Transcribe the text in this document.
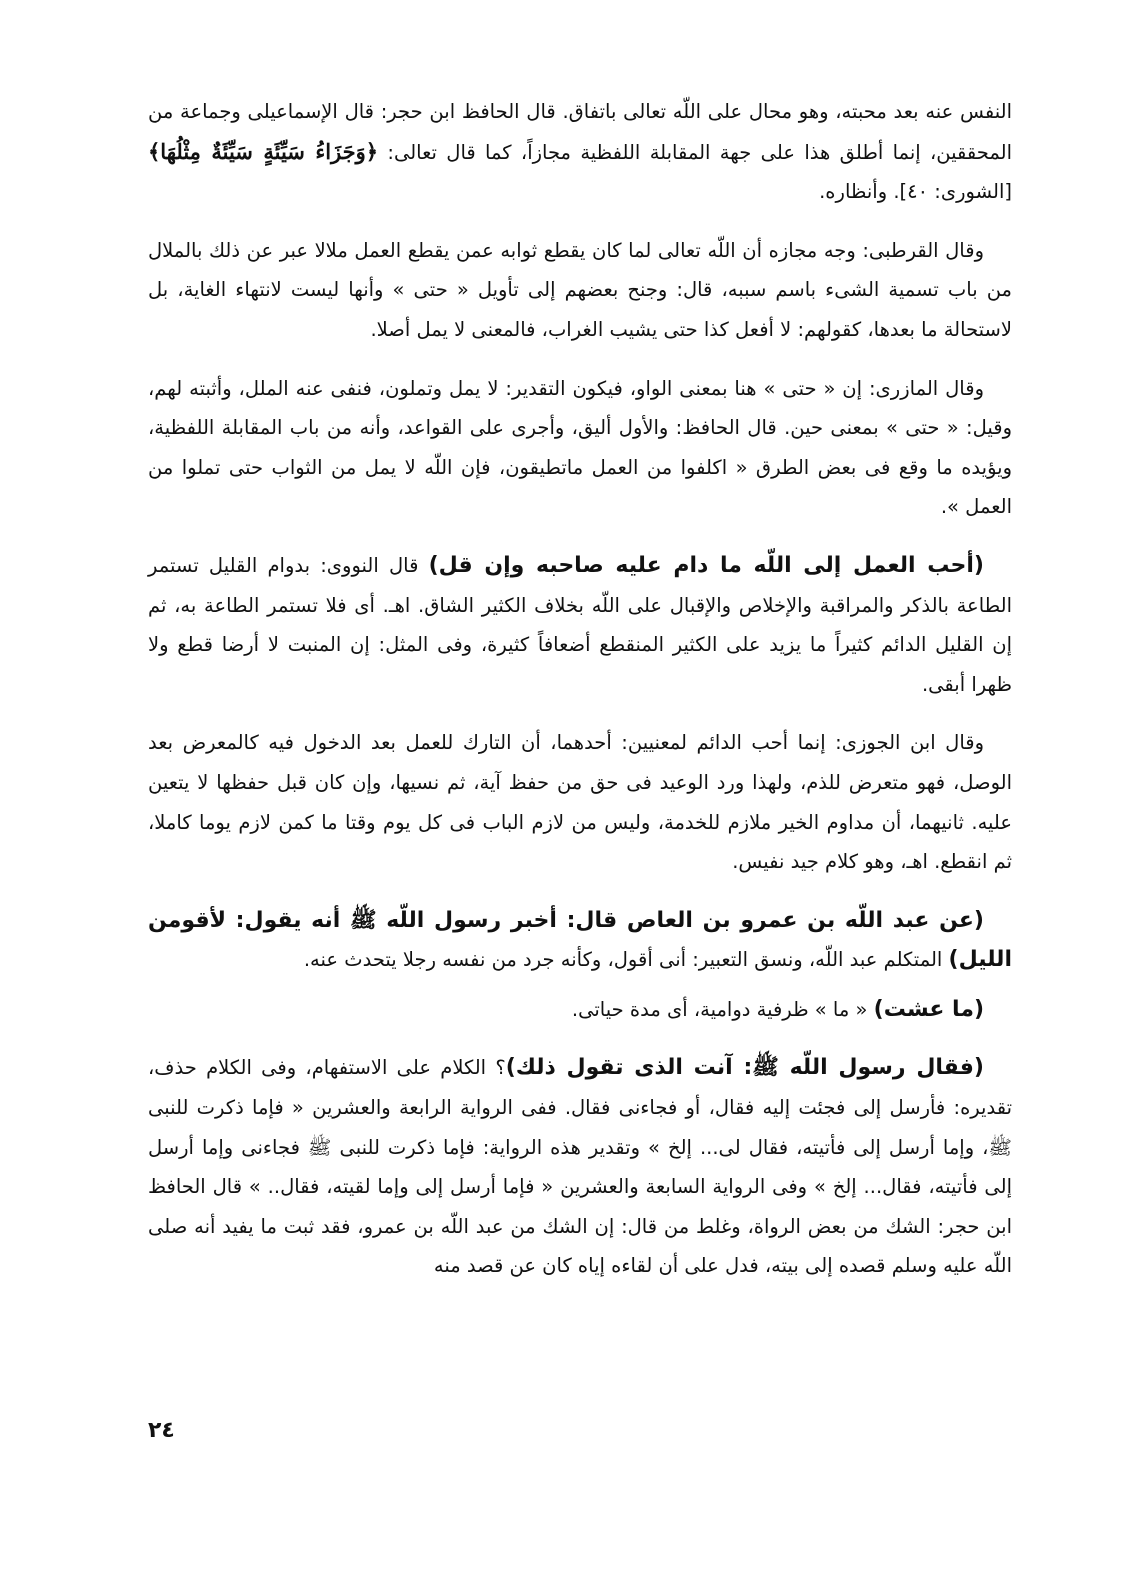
النفس عنه بعد محبته، وهو محال على اللّه تعالى باتفاق. قال الحافظ ابن حجر: قال الإسماعيلى وجماعة من المحققين، إنما أطلق هذا على جهة المقابلة اللفظية مجازاً، كما قال تعالى: ﴿وَجَزَاءُ سَيِّئَةٍ سَيِّئَةٌ مِثْلُهَا﴾[الشورى: ٤٠]. وأنظاره.

وقال القرطبى: وجه مجازه أن اللّه تعالى لما كان يقطع ثوابه عمن يقطع العمل ملالا عبر عن ذلك بالملال من باب تسمية الشىء باسم سببه، قال: وجنح بعضهم إلى تأويل « حتى » وأنها ليست لانتهاء الغاية، بل لاستحالة ما بعدها، كقولهم: لا أفعل كذا حتى يشيب الغراب، فالمعنى لا يمل أصلا.

وقال المازرى: إن « حتى » هنا بمعنى الواو، فيكون التقدير: لا يمل وتملون، فنفى عنه الملل، وأثبته لهم، وقيل: « حتى » بمعنى حين. قال الحافظ: والأول أليق، وأجرى على القواعد، وأنه من باب المقابلة اللفظية، ويؤيده ما وقع فى بعض الطرق « اكلفوا من العمل ماتطيقون، فإن اللّه لا يمل من الثواب حتى تملوا من العمل ».

(أحب العمل إلى اللّه ما دام عليه صاحبه وإن قل) قال النووى: بدوام القليل تستمر الطاعة بالذكر والمراقبة والإخلاص والإقبال على اللّه بخلاف الكثير الشاق. اهـ. أى فلا تستمر الطاعة به، ثم إن القليل الدائم كثيراً ما يزيد على الكثير المنقطع أضعافاً كثيرة، وفى المثل: إن المنبت لا أرضا قطع ولا ظهرا أبقى.

وقال ابن الجوزى: إنما أحب الدائم لمعنيين: أحدهما، أن التارك للعمل بعد الدخول فيه كالمعرض بعد الوصل، فهو متعرض للذم، ولهذا ورد الوعيد فى حق من حفظ آية، ثم نسيها، وإن كان قبل حفظها لا يتعين عليه. ثانيهما، أن مداوم الخير ملازم للخدمة، وليس من لازم الباب فى كل يوم وقتا ما كمن لازم يوما كاملا، ثم انقطع. اهـ، وهو كلام جيد نفيس.

(عن عبد اللّه بن عمرو بن العاص قال: أخبر رسول اللّه ﷺ أنه يقول: لأقومن الليل) المتكلم عبد اللّه، ونسق التعبير: أنى أقول، وكأنه جرد من نفسه رجلا يتحدث عنه.

(ما عشت) « ما » ظرفية دوامية، أى مدة حياتى.

(فقال رسول اللّه ﷺ: آنت الذى تقول ذلك)؟ الكلام على الاستفهام، وفى الكلام حذف، تقديره: فأرسل إلى فجئت إليه فقال، أو فجاءنى فقال. ففى الرواية الرابعة والعشرين « فإما ذكرت للنبى ﷺ، وإما أرسل إلى فأتيته، فقال لى... إلخ » وتقدير هذه الرواية: فإما ذكرت للنبى ﷺ فجاءنى وإما أرسل إلى فأتيته، فقال... إلخ » وفى الرواية السابعة والعشرين « فإما أرسل إلى وإما لقيته، فقال.. » قال الحافظ ابن حجر: الشك من بعض الرواة، وغلط من قال: إن الشك من عبد اللّه بن عمرو، فقد ثبت ما يفيد أنه صلى اللّه عليه وسلم قصده إلى بيته، فدل على أن لقاءه إياه كان عن قصد منه

٢٤
